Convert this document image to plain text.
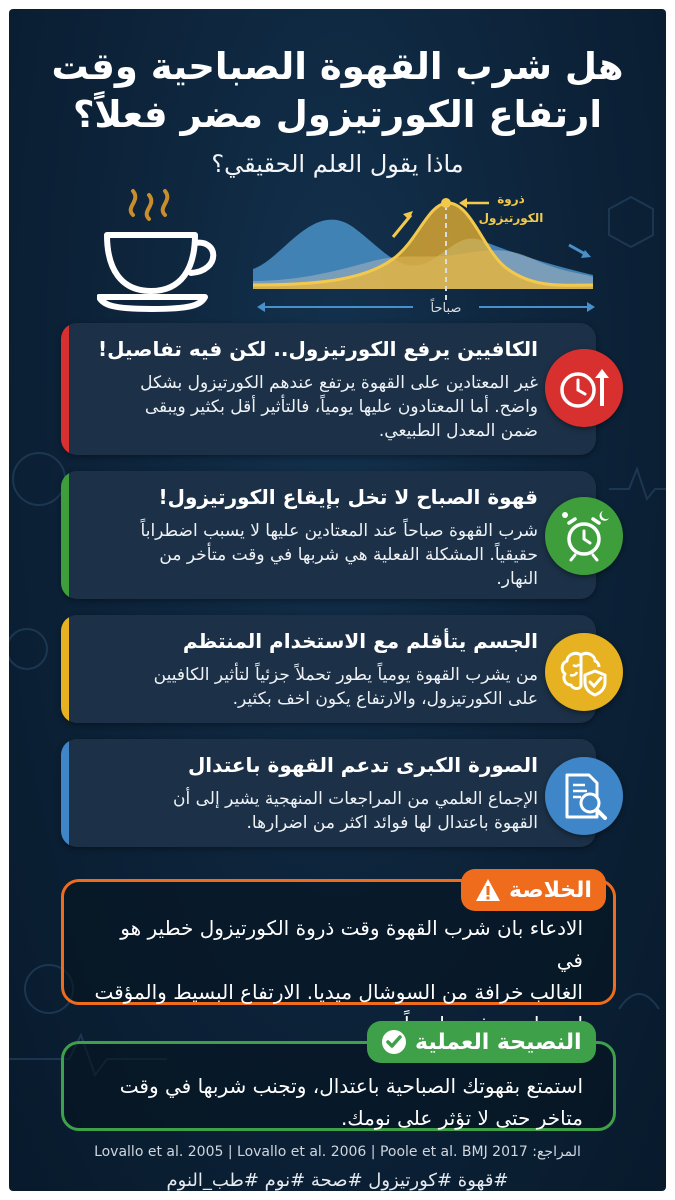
هل شرب القهوة الصباحية وقت
ارتفاع الكورتيزول مضر فعلاً؟
ماذا يقول العلم الحقيقي؟
ذروة
الكورتيزول
صباحاً
الكافيين يرفع الكورتيزول.. لكن فيه تفاصيل!

غير المعتادين على القهوة يرتفع عندهم الكورتيزول بشكل
واضح. أما المعتادون عليها يومياً، فالتأثير أقل بكثير ويبقى
ضمن المعدل الطبيعي.

قهوة الصباح لا تخل بإيقاع الكورتيزول!

شرب القهوة صباحاً عند المعتادين عليها لا يسبب اضطراباً
حقيقياً. المشكلة الفعلية هي شربها في وقت متأخر من
النهار.

الجسم يتأقلم مع الاستخدام المنتظم

من يشرب القهوة يومياً يطور تحملاً جزئياً لتأثير الكافيين
على الكورتيزول، والارتفاع يكون اخف بكثير.

الصورة الكبرى تدعم القهوة باعتدال

الإجماع العلمي من المراجعات المنهجية يشير إلى أن
القهوة باعتدال لها فوائد اكثر من اضرارها.

الادعاء بان شرب القهوة وقت ذروة الكورتيزول خطير هو في
الغالب خرافة من السوشال ميديا. الارتفاع البسيط والمؤقت

الخلاصة

استمتع بقهوتك الصباحية باعتدال، وتجنب شربها في وقت
متاخر حتى لا تؤثر على نومك.

النصيحة العملية
المراجع: Lovallo et al. 2005 | Lovallo et al. 2006 | Poole et al. BMJ 2017
#قهوة #كورتيزول #صحة #نوم #طب_النوم
